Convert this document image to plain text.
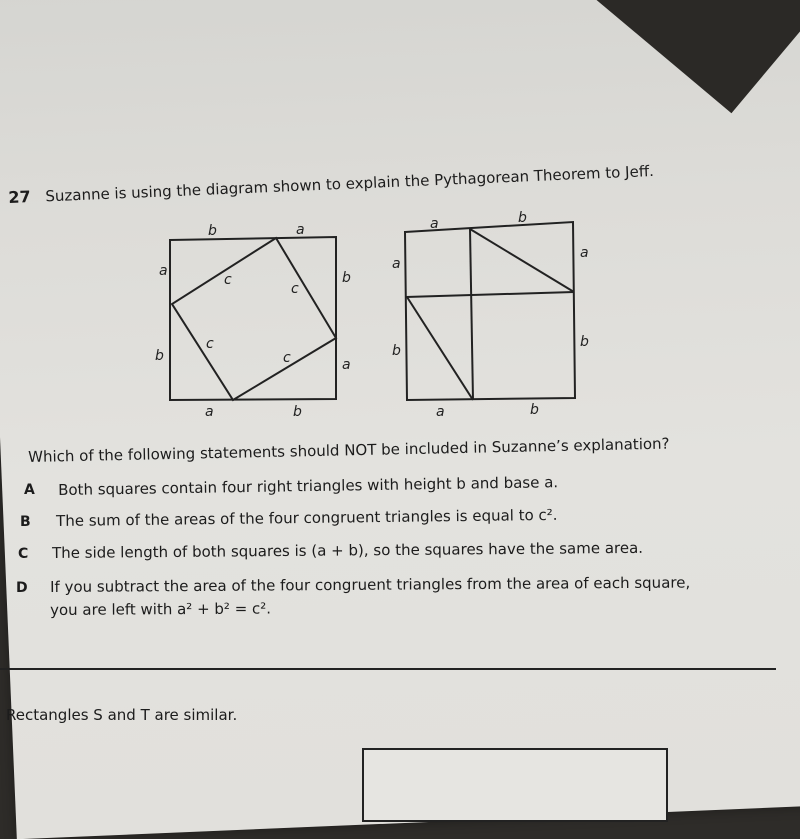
27 Suzanne is using the diagram shown to explain the Pythagorean Theorem to Jeff.
b	a
a
b
b
a
a	b
c
c
c
c
a	b
a
b
a
b
a	b
Which of the following statements should NOT be included in Suzanne’s explanation?
A Both squares contain four right triangles with height b and base a.
B The sum of the areas of the four congruent triangles is equal to c².
C The side length of both squares is (a + b), so the squares have the same area.
D If you subtract the area of the four congruent triangles from the area of each square,
you are left with a² + b² = c².
Rectangles S and T are similar.
